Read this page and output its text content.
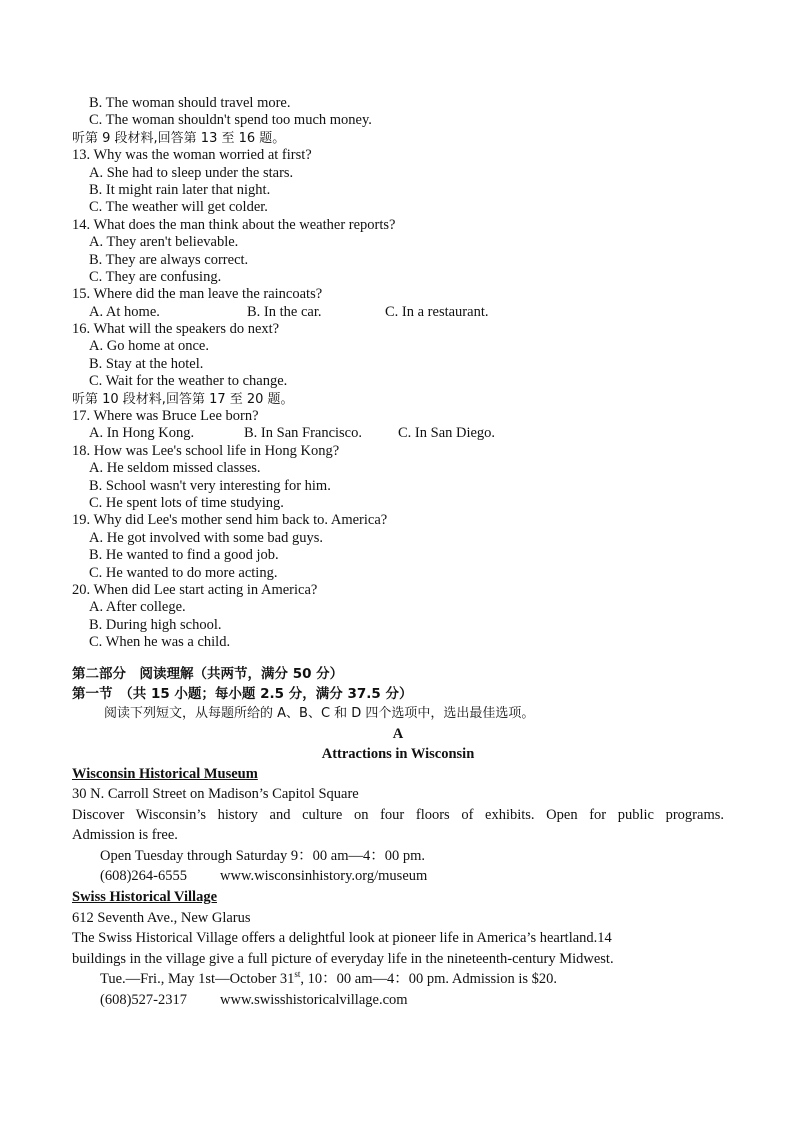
B. The woman should travel more.
C. The woman shouldn't spend too much money.
听第 9 段材料,回答第 13 至 16 题。
13. Why was the woman worried at first?
A. She had to sleep under the stars.
B. It might rain later that night.
C. The weather will get colder.
14. What does the man think about the weather reports?
A. They aren't believable.
B. They are always correct.
C. They are confusing.
15. Where did the man leave the raincoats?
A. At home.	B. In the car.	C. In a restaurant.
16. What will the speakers do next?
A. Go home at once.
B. Stay at the hotel.
C. Wait for the weather to change.
听第 10 段材料,回答第 17 至 20 题。
17. Where was Bruce Lee born?
A. In Hong Kong.	B. In San Francisco. C. In San Diego.
18. How was Lee's school life in Hong Kong?
A. He seldom missed classes.
B. School wasn't very interesting for him.
C. He spent lots of time studying.
19. Why did Lee's mother send him back to. America?
A. He got involved with some bad guys.
B. He wanted to find a good job.
C. He wanted to do more acting.
20. When did Lee start acting in America?
A. After college.
B. During high school.
C. When he was a child.
第二部分　阅读理解（共两节，满分 50 分）
第一节　（共 15 小题；每小题 2.5 分，满分 37.5 分）
阅读下列短文，从每题所给的 A、B、C 和 D 四个选项中，选出最佳选项。
A
Attractions in Wisconsin
Wisconsin Historical Museum
30 N. Carroll Street on Madison’s Capitol Square
Discover Wisconsin’s history and culture on four floors of exhibits. Open for public programs.
Admission is free.
Open Tuesday through Saturday 9：00 am—4：00 pm.
(608)264-6555 www.wisconsinhistory.org/museum
Swiss Historical Village
612 Seventh Ave., New Glarus
The Swiss Historical Village offers a delightful look at pioneer life in America’s heartland.14
buildings in the village give a full picture of everyday life in the nineteenth-century Midwest.
Tue.—Fri., May 1st—October 31st, 10：00 am—4：00 pm. Admission is $20.
(608)527-2317 www.swisshistoricalvillage.com
